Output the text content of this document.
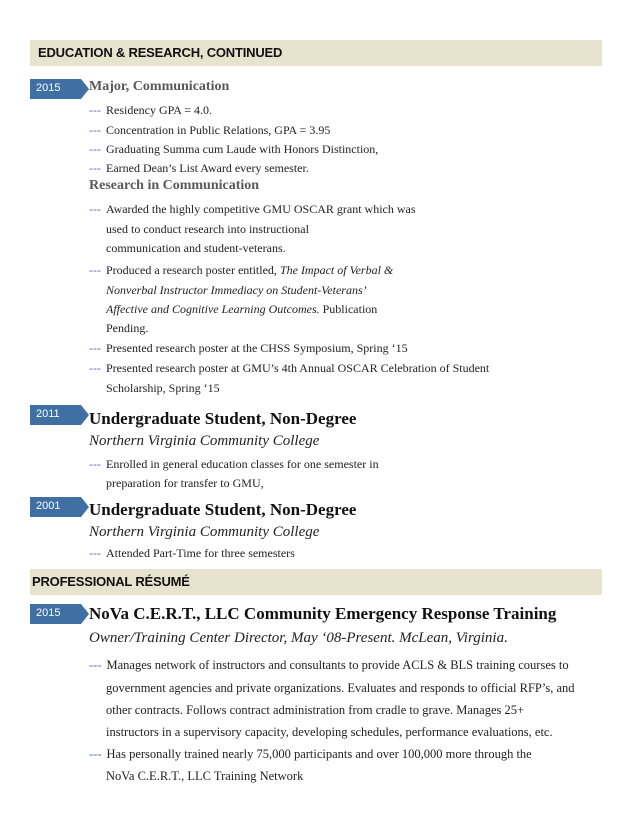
EDUCATION & RESEARCH, CONTINUED
2015 Major, Communication
--- Residency GPA = 4.0.
--- Concentration in Public Relations, GPA = 3.95
--- Graduating Summa cum Laude with Honors Distinction,
--- Earned Dean’s List Award every semester.
Research in Communication
--- Awarded the highly competitive GMU OSCAR grant which was
used to conduct research into instructional
communication and student-veterans.
--- Produced a research poster entitled, The Impact of Verbal &
Nonverbal Instructor Immediacy on Student-Veterans’
Affective and Cognitive Learning Outcomes. Publication
Pending.
--- Presented research poster at the CHSS Symposium, Spring ‘15
--- Presented research poster at GMU’s 4th Annual OSCAR Celebration of Student
Scholarship, Spring ‘15
2011 Undergraduate Student, Non-Degree
Northern Virginia Community College
--- Enrolled in general education classes for one semester in
preparation for transfer to GMU,
2001 Undergraduate Student, Non-Degree
Northern Virginia Community College
--- Attended Part-Time for three semesters
PROFESSIONAL RÉSUMÉ
2015 NoVa C.E.R.T., LLC Community Emergency Response Training
Owner/Training Center Director, May ‘08-Present. McLean, Virginia.
--- Manages network of instructors and consultants to provide ACLS & BLS training courses to
government agencies and private organizations. Evaluates and responds to official RFP’s, and
other contracts. Follows contract administration from cradle to grave. Manages 25+
instructors in a supervisory capacity, developing schedules, performance evaluations, etc.
--- Has personally trained nearly 75,000 participants and over 100,000 more through the
NoVa C.E.R.T., LLC Training Network
